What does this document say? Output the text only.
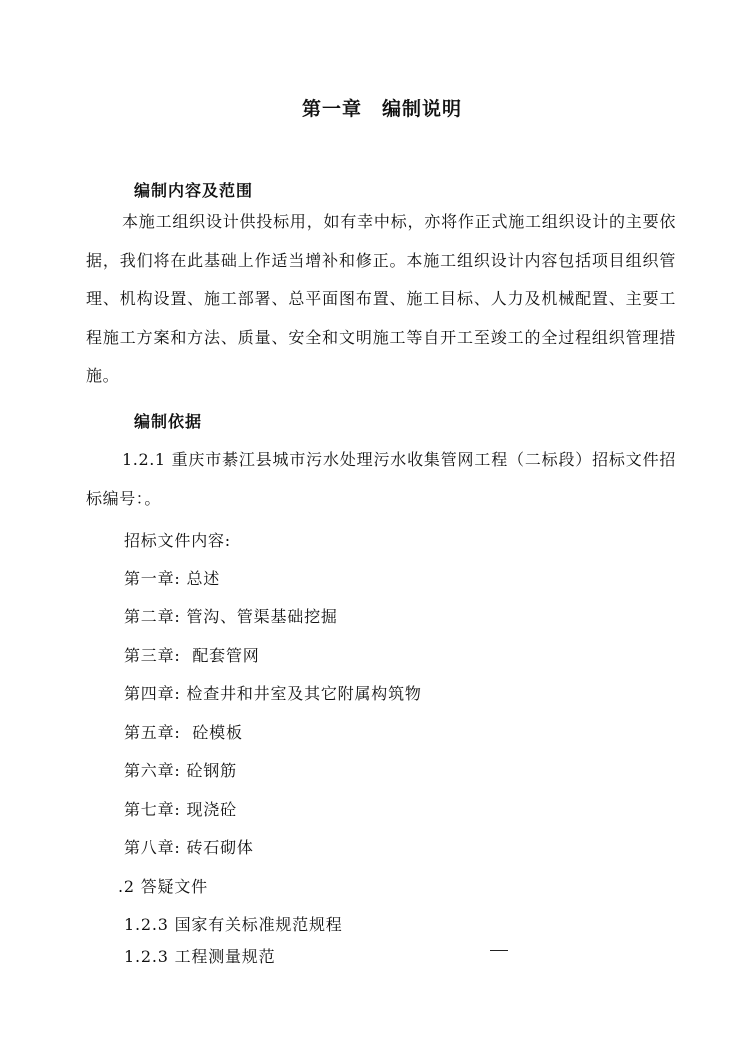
第一章　编制说明
编制内容及范围
本施工组织设计供投标用，如有幸中标，亦将作正式施工组织设计的主要依据，我们将在此基础上作适当增补和修正。本施工组织设计内容包括项目组织管理、机构设置、施工部署、总平面图布置、施工目标、人力及机械配置、主要工程施工方案和方法、质量、安全和文明施工等自开工至竣工的全过程组织管理措施。
编制依据
1.2.1 重庆市綦江县城市污水处理污水收集管网工程（二标段）招标文件招标编号：。
招标文件内容:
第一章: 总述
第二章: 管沟、管渠基础挖掘
第三章:  配套管网
第四章: 检查井和井室及其它附属构筑物
第五章:  砼模板
第六章: 砼钢筋
第七章: 现浇砼
第八章: 砖石砌体
.2 答疑文件
1.2.3 国家有关标准规范规程
1.2.3 工程测量规范
